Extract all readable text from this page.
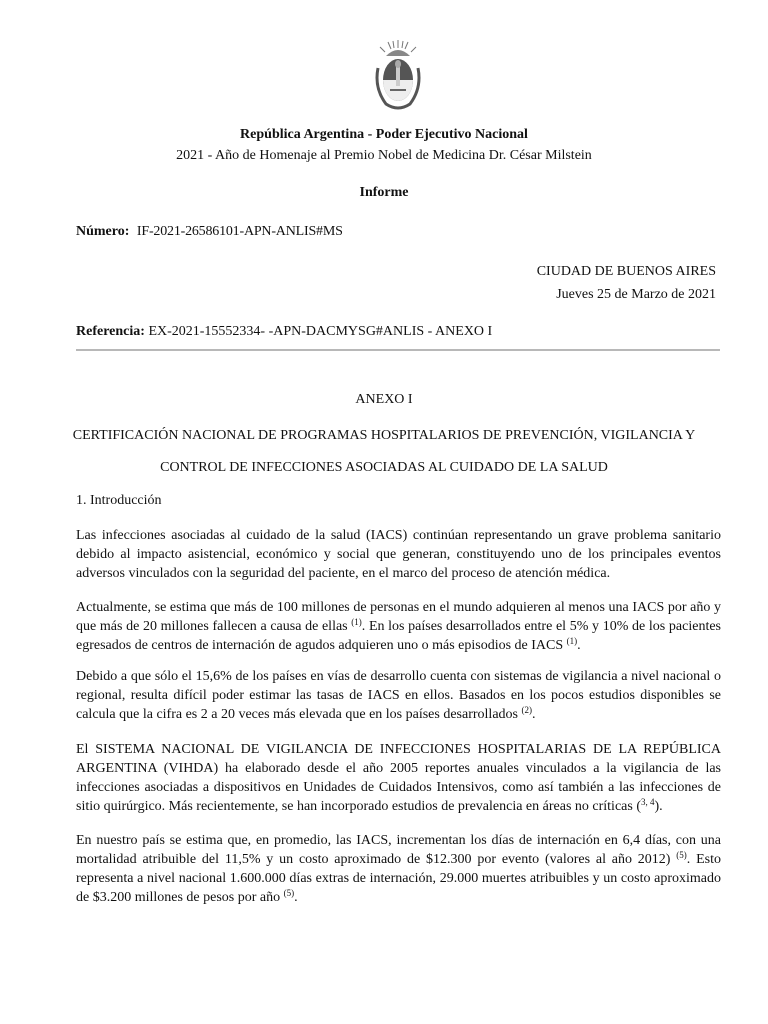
República Argentina - Poder Ejecutivo Nacional
2021 - Año de Homenaje al Premio Nobel de Medicina Dr. César Milstein
Informe
Número: IF-2021-26586101-APN-ANLIS#MS
CIUDAD DE BUENOS AIRES
Jueves 25 de Marzo de 2021
Referencia: EX-2021-15552334- -APN-DACMYSG#ANLIS - ANEXO I
ANEXO I
CERTIFICACIÓN NACIONAL DE PROGRAMAS HOSPITALARIOS DE PREVENCIÓN, VIGILANCIA Y
CONTROL DE INFECCIONES ASOCIADAS AL CUIDADO DE LA SALUD
1. Introducción
Las infecciones asociadas al cuidado de la salud (IACS) continúan representando un grave problema sanitario debido al impacto asistencial, económico y social que generan, constituyendo uno de los principales eventos adversos vinculados con la seguridad del paciente, en el marco del proceso de atención médica.
Actualmente, se estima que más de 100 millones de personas en el mundo adquieren al menos una IACS por año y que más de 20 millones fallecen a causa de ellas $^{(1)}$. En los países desarrollados entre el 5% y 10% de los pacientes egresados de centros de internación de agudos adquieren uno o más episodios de IACS $^{(1)}$.
Debido a que sólo el 15,6% de los países en vías de desarrollo cuenta con sistemas de vigilancia a nivel nacional o regional, resulta difícil poder estimar las tasas de IACS en ellos. Basados en los pocos estudios disponibles se calcula que la cifra es 2 a 20 veces más elevada que en los países desarrollados $^{(2)}$.
El SISTEMA NACIONAL DE VIGILANCIA DE INFECCIONES HOSPITALARIAS DE LA REPÚBLICA ARGENTINA (VIHDA) ha elaborado desde el año 2005 reportes anuales vinculados a la vigilancia de las infecciones asociadas a dispositivos en Unidades de Cuidados Intensivos, como así también a las infecciones de sitio quirúrgico. Más recientemente, se han incorporado estudios de prevalencia en áreas no críticas ($^{3, 4}$).
En nuestro país se estima que, en promedio, las IACS, incrementan los días de internación en 6,4 días, con una mortalidad atribuible del 11,5% y un costo aproximado de $12.300 por evento (valores al año 2012) $^{(5)}$. Esto representa a nivel nacional 1.600.000 días extras de internación, 29.000 muertes atribuibles y un costo aproximado de $3.200 millones de pesos por año $^{(5)}$.
